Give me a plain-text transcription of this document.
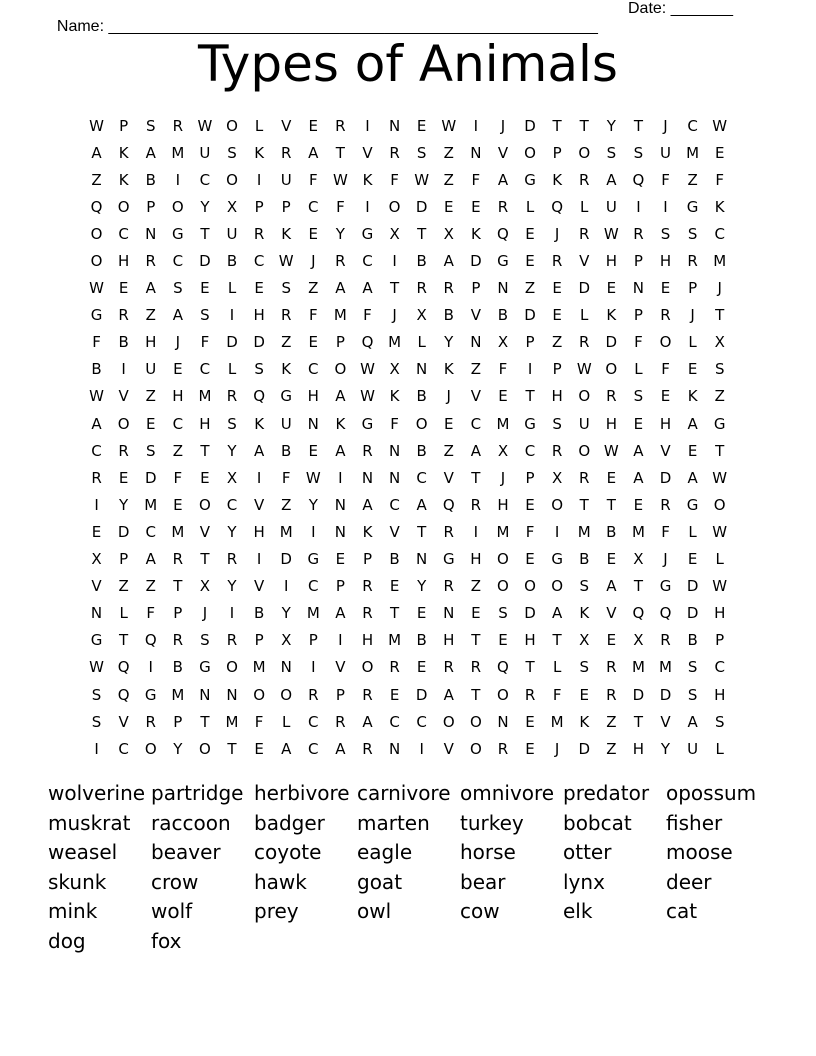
Name: _______________________________________________________

Date: _______

Types of Animals
W	P	S	R W O	L	V	E	R	I	N	E W	I	J	D	T	T	Y	T	J	C W
A	K	A	M	U	S	K	R	A	T	V	R	S	Z	N	V	O	P	O	S	S	U	M	E
Z	K	B	I	C	O	I	U	F	W K	F	W Z	F	A	G	K	R	A	Q	F	Z	F
Q	O	P	O	Y	X	P	P	C	F	I	O	D	E	E	R	L	Q	L	U	I	I	G	K
O	C	N	G	T	U	R	K	E	Y	G	X	T	X	K	Q	E	J	R W R	S	S	C
O	H	R	C	D	B	C W	J	R	C	I	B	A	D	G	E	R	V	H	P	H	R	M
W E	A	S	E	L	E	S	Z	A	A	T	R	R	P	N	Z	E	D	E	N	E	P	J
G	R	Z	A	S	I	H	R	F	M	F	J	X	B	V	B	D	E	L	K	P	R	J	T
F	B	H	J	F	D	D	Z	E	P	Q M	L	Y	N	X	P	Z	R	D	F	O	L	X
B	I	U	E	C	L	S	K	C	O W X	N	K	Z	F	I	P	W O	L	F	E	S
W V	Z	H M	R	Q	G	H	A W K	B	J	V	E	T	H	O	R	S	E	K	Z
A	O	E	C	H	S	K	U	N	K	G	F	O	E	C	M G	S	U	H	E	H	A	G
C	R	S	Z	T	Y	A	B	E	A	R	N	B	Z	A	X	C	R	O W A	V	E	T
R	E	D	F	E	X	I	F	W	I	N	N	C	V	T	J	P	X	R	E	A	D	A W
I	Y	M	E	O	C	V	Z	Y	N	A	C	A	Q	R	H	E	O	T	T	E	R	G	O
E	D	C	M	V	Y	H M	I	N	K	V	T	R	I	M	F	I	M	B	M	F	L	W
X	P	A	R	T	R	I	D	G	E	P	B	N	G	H	O	E	G	B	E	X	J	E	L
V	Z	Z	T	X	Y	V	I	C	P	R	E	Y	R	Z	O	O	O	S	A	T	G	D W
N	L	F	P	J	I	B	Y	M	A	R	T	E	N	E	S	D	A	K	V	Q	Q	D	H
G	T	Q	R	S	R	P	X	P	I	H M	B	H	T	E	H	T	X	E	X	R	B	P
W Q	I	B	G	O M	N	I	V	O	R	E	R	R	Q	T	L	S	R	M M	S	C
S	Q	G M	N	N	O	O	R	P	R	E	D	A	T	O	R	F	E	R	D	D	S	H
S	V	R	P	T	M	F	L	C	R	A	C	C	O	O	N	E	M	K	Z	T	V	A	S
I	C	O	Y	O	T	E	A	C	A	R	N	I	V	O	R	E	J	D	Z	H	Y	U	L
wolverine partridge herbivore carnivore omnivore predator opossum
muskrat	raccoon	badger	marten	turkey	bobcat	fisher
weasel	beaver	coyote	eagle	horse	otter	moose
skunk	crow	hawk	goat	bear	lynx	deer
mink	wolf	prey	owl	cow	elk	cat
dog	fox
